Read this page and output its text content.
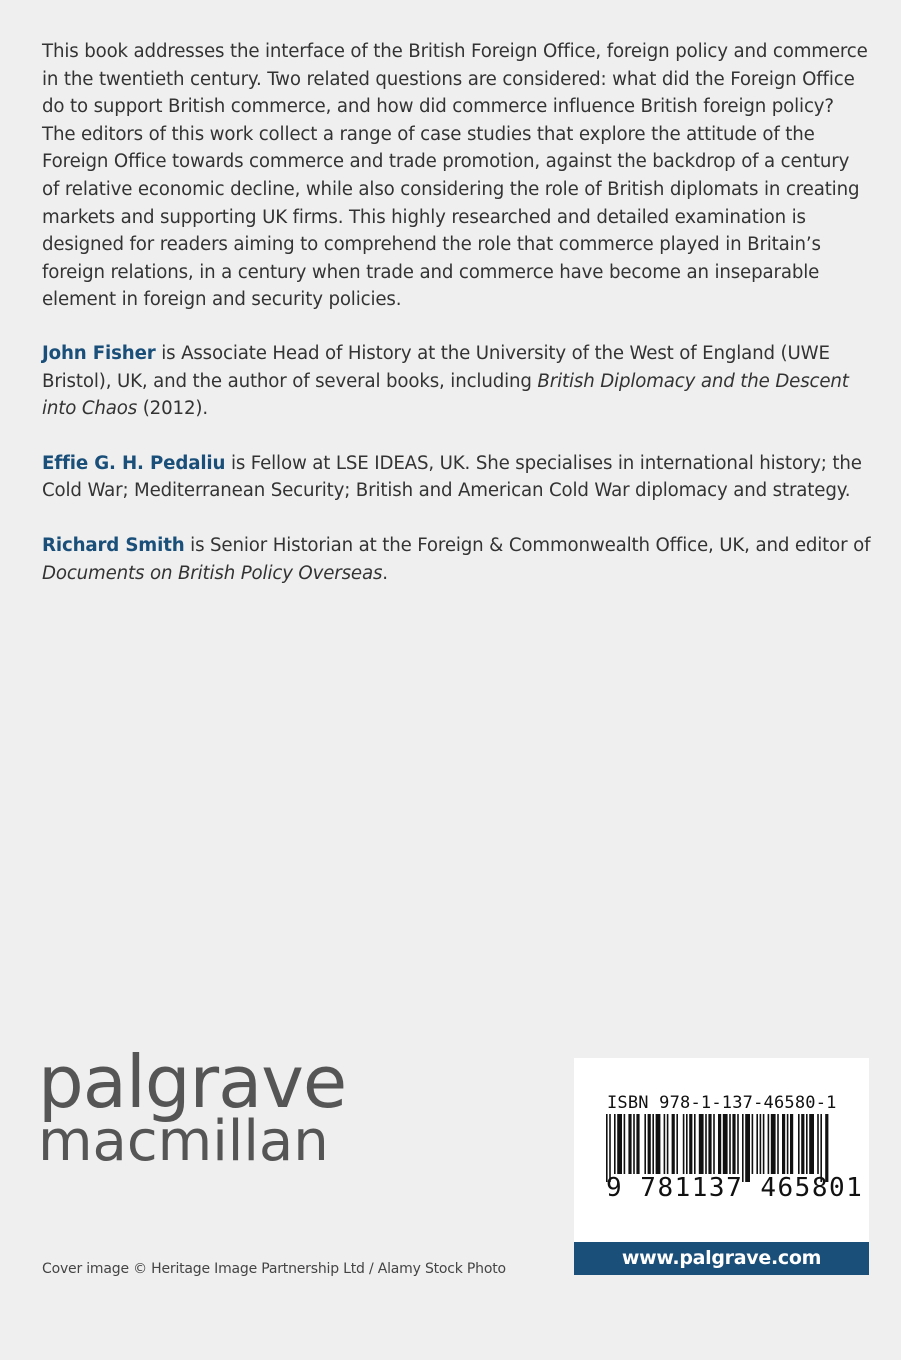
This book addresses the interface of the British Foreign Office, foreign policy and commerce in the twentieth century. Two related questions are considered: what did the Foreign Office do to support British commerce, and how did commerce influence British foreign policy? The editors of this work collect a range of case studies that explore the attitude of the Foreign Office towards commerce and trade promotion, against the backdrop of a century of relative economic decline, while also considering the role of British diplomats in creating markets and supporting UK firms. This highly researched and detailed examination is designed for readers aiming to comprehend the role that commerce played in Britain’s foreign relations, in a century when trade and commerce have become an inseparable element in foreign and security policies.

John Fisher is Associate Head of History at the University of the West of England (UWE Bristol), UK, and the author of several books, including British Diplomacy and the Descent into Chaos (2012).

Effie G. H. Pedaliu is Fellow at LSE IDEAS, UK. She specialises in international history; the Cold War; Mediterranean Security; British and American Cold War diplomacy and strategy.

Richard Smith is Senior Historian at the Foreign & Commonwealth Office, UK, and editor of Documents on British Policy Overseas.

palgrave
macmillan
Cover image © Heritage Image Partnership Ltd / Alamy Stock Photo
ISBN 978-1-137-46580-1
9 781137 465801
www.palgrave.com
